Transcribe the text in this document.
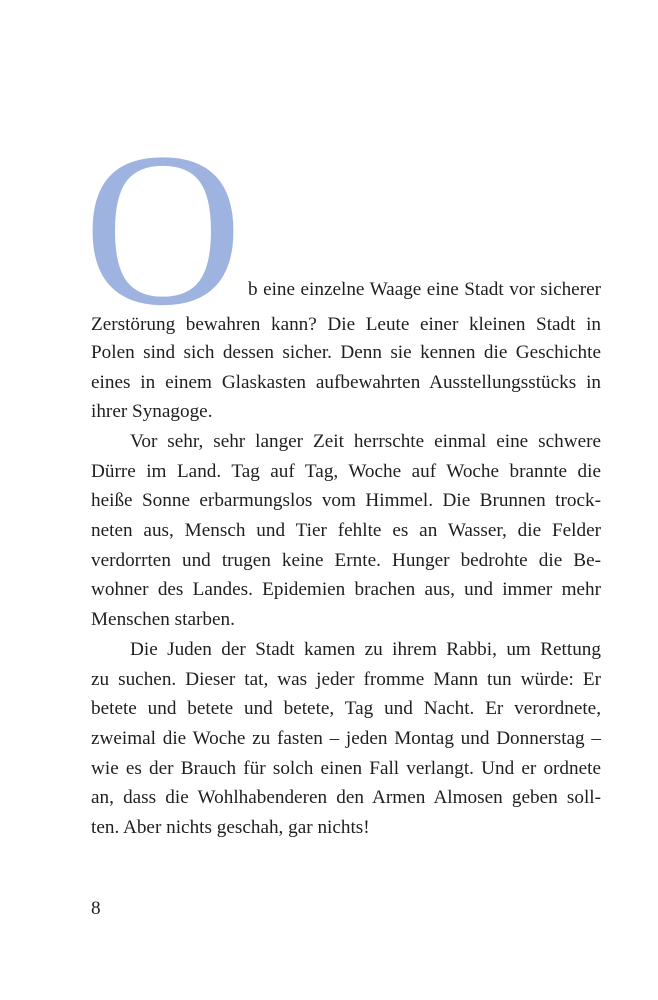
O b eine einzelne Waage eine Stadt vor sicherer
Zerstörung bewahren kann? Die Leute einer kleinen Stadt in
Polen sind sich dessen sicher. Denn sie kennen die Geschichte
eines in einem Glaskasten aufbewahrten Ausstellungsstücks in
ihrer Synagoge.
Vor sehr, sehr langer Zeit herrschte einmal eine schwere
Dürre im Land. Tag auf Tag, Woche auf Woche brannte die
heiße Sonne erbarmungslos vom Himmel. Die Brunnen trock-
neten aus, Mensch und Tier fehlte es an Wasser, die Felder
verdorrten und trugen keine Ernte. Hunger bedrohte die Be-
wohner des Landes. Epidemien brachen aus, und immer mehr
Menschen starben.
Die Juden der Stadt kamen zu ihrem Rabbi, um Rettung
zu suchen. Dieser tat, was jeder fromme Mann tun würde: Er
betete und betete und betete, Tag und Nacht. Er verordnete,
zweimal die Woche zu fasten – jeden Montag und Donnerstag –
wie es der Brauch für solch einen Fall verlangt. Und er ordnete
an, dass die Wohlhabenderen den Armen Almosen geben soll-
ten. Aber nichts geschah, gar nichts!
8
